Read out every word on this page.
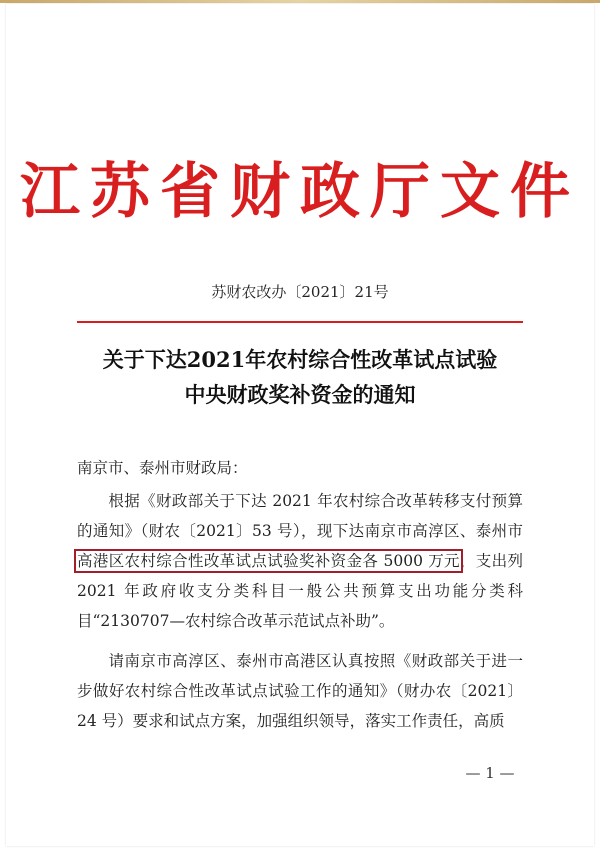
江苏省财政厅文件
苏财农改办〔2021〕21号
关于下达2021年农村综合性改革试点试验
中央财政奖补资金的通知
南京市、泰州市财政局：
根据《财政部关于下达 2021 年农村综合改革转移支付预算的通知》（财农〔2021〕53 号），现下达南京市高淳区、泰州市高港区农村综合性改革试点试验奖补资金各 5000 万元，支出列 2021 年政府收支分类科目一般公共预算支出功能分类科目“2130707—农村综合改革示范试点补助”。
请南京市高淳区、泰州市高港区认真按照《财政部关于进一步做好农村综合性改革试点试验工作的通知》（财办农〔2021〕24 号）要求和试点方案，加强组织领导，落实工作责任，高质
— 1 —
